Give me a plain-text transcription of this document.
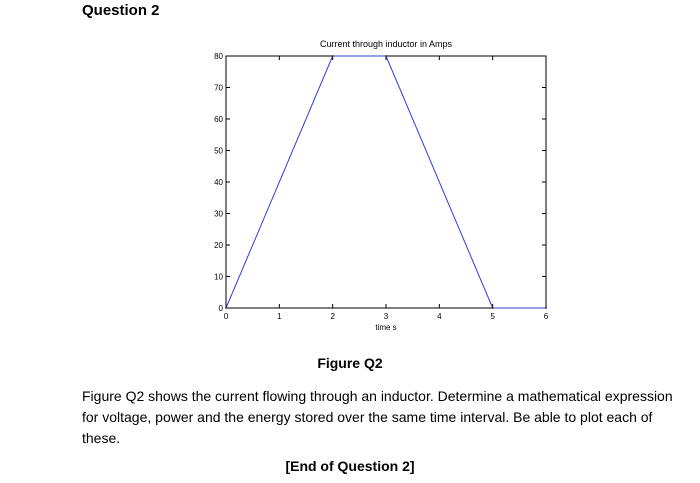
Question 2
0
10
20
30
40
50
60
70
80
0	1	2	3	4	5	6
Current through inductor in Amps
time s
Figure Q2

Figure Q2 shows the current flowing through an inductor. Determine a mathematical expression for voltage, power and the energy stored over the same time interval. Be able to plot each of these.

[End of Question 2]
